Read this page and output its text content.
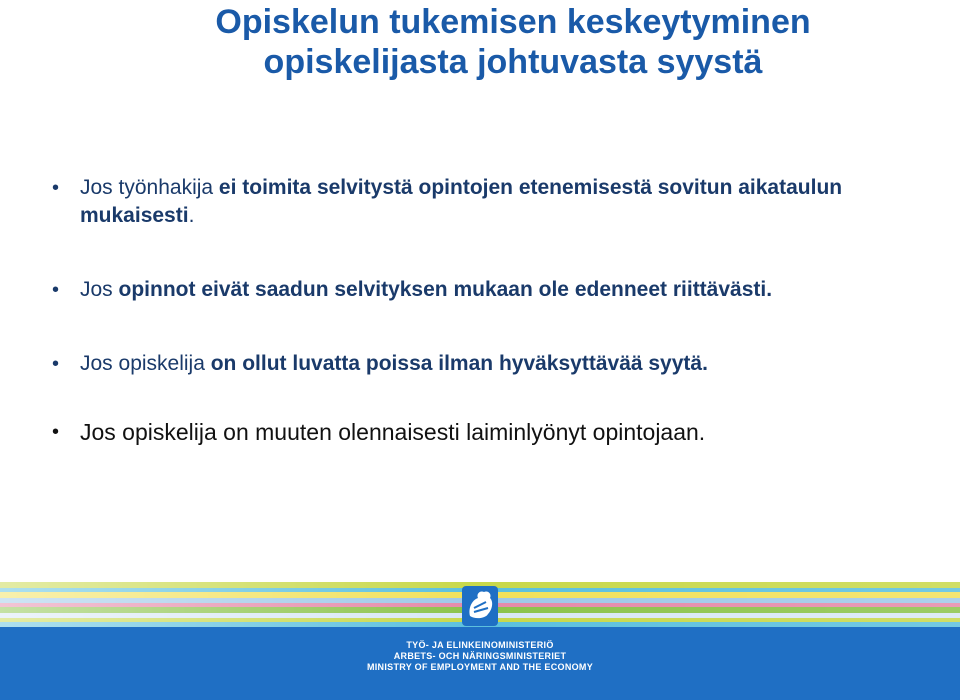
Opiskelun tukemisen keskeytyminen
opiskelijasta johtuvasta syystä
• Jos työnhakija ei toimita selvitystä opintojen etenemisestä sovitun aikataulun mukaisesti.
• Jos opinnot eivät saadun selvityksen mukaan ole edenneet riittävästi.
• Jos opiskelija on ollut luvatta poissa ilman hyväksyttävää syytä.
• Jos opiskelija on muuten olennaisesti laiminlyönyt opintojaan.
TYÖ- JA ELINKEINOMINISTERIÖ
ARBETS- OCH NÄRINGSMINISTERIET
MINISTRY OF EMPLOYMENT AND THE ECONOMY
